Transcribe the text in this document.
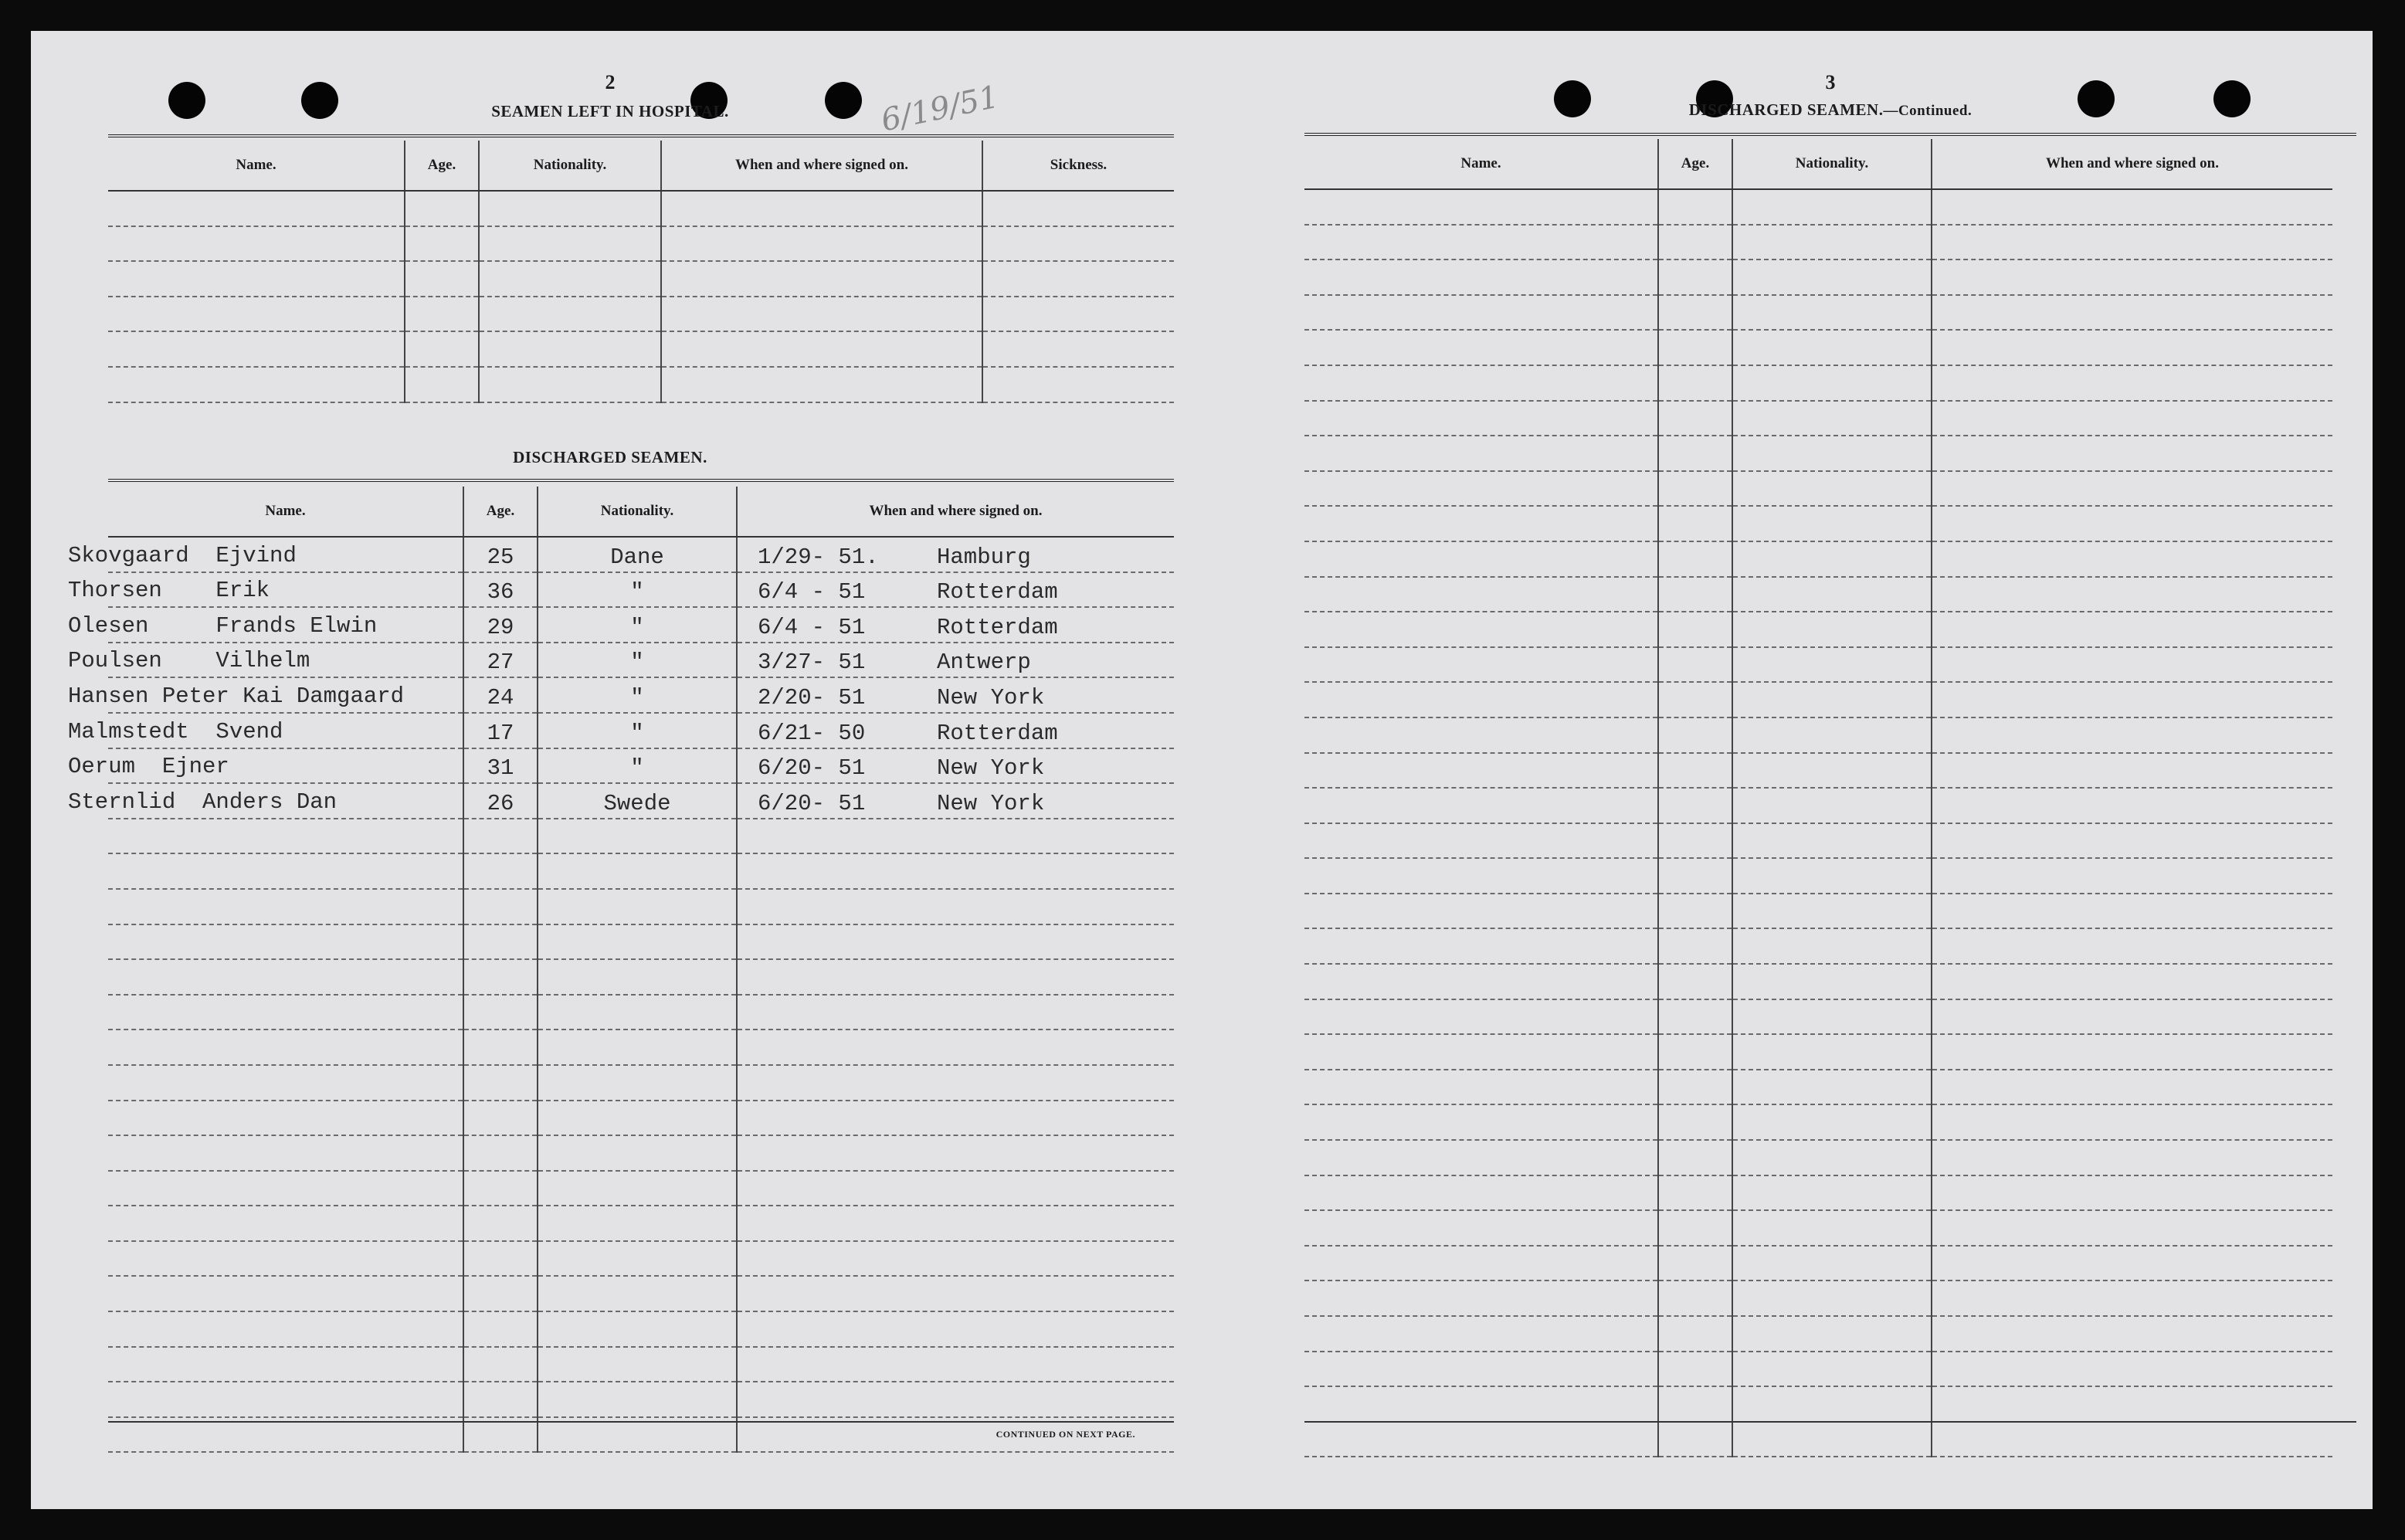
2
SEAMEN LEFT IN HOSPITAL.	6/19/51
Name.	Age.	Nationality.	When and where signed on.	Sickness.

DISCHARGED SEAMEN.
Name.	Age.	Nationality.	When and where signed on.

Skovgaard  Ejvind	25	Dane	1/29- 51. Hamburg

Thorsen    Erik	36	"	6/4 - 51 Rotterdam

Olesen     Frands Elwin	29	"	6/4 - 51 Rotterdam

Poulsen    Vilhelm	27	"	3/27- 51 Antwerp

Hansen Peter Kai Damgaard	24	"	2/20- 51 New York

Malmstedt  Svend	17	"	6/21- 50 Rotterdam

Oerum  Ejner	31	"	6/20- 51 New York

Sternlid  Anders Dan	26	Swede	6/20- 51 New York

CONTINUED ON NEXT PAGE.
3
DISCHARGED SEAMEN.—Continued.
Name.	Age.	Nationality.	When and where signed on.
